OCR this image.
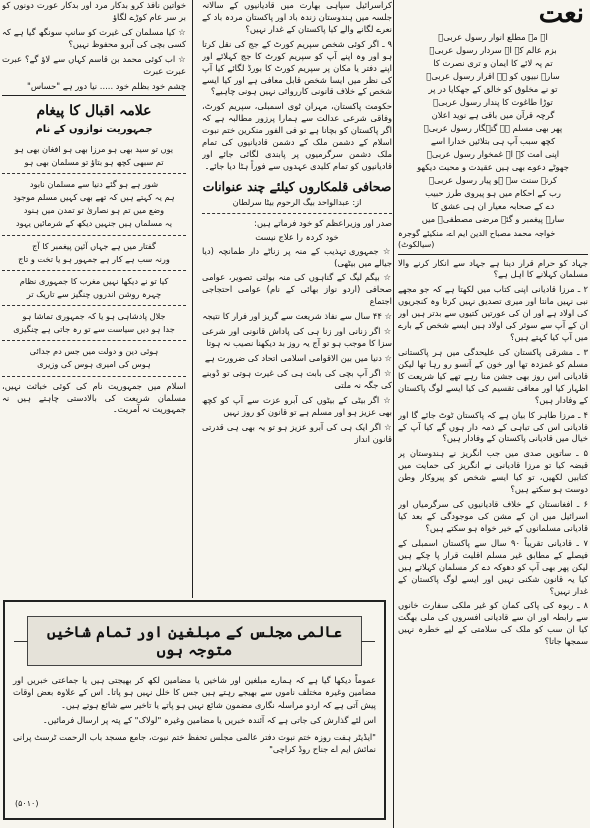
نعت
اے مہ مطلع انوار رسول عربیؐ
بزم عالم کے اے سردار رسول عربیؐ
تم پہ لائے کا ایمان و تری نصرت کا
سارے نبیوں کو ہے اقرار رسول عربیؐ
تو نے مخلوق کو خالق کے جھکایا در پر
توڑا طاغوت کا پندار رسول عربیؐ
گرچہ قرآن میں باقی ہے نوید اعلان
پھر بھی مسلم ہے گنہگار رسول عربیؐ
کچھ سبب آپ ہی بتلائیں خدارا اسے
اپنی امت کے اے غمخوار رسول عربیؐ
جھوٹے دعوے بھی ہیں عقیدت و محبت دیکھو
کرنہ سنت سے ہو پیار رسول عربیؐ
رب کے احکام میں ہو پیروی طرز حبیب
دے کے صحابہ معیار ان ہی عشق کا
سارے پیغمبر و گئے مرضی مصطفیؐ میں
خواجہ محمد مصباح الدین ایم اے، منکیئے گوجرہ (سیالکوٹ)

جہاد کو حرام قرار دینا ہے جہاد سے انکار کرنے والا مسلمان کہلانے کا اہل ہے؟

۲ ـ مرزا قادیانی اپنی کتاب میں لکھتا ہے کہ جو مجھے نبی نہیں مانتا اور میری تصدیق نہیں کرتا وہ کنجریوں کی اولاد ہے اور ان کی عورتیں کتیوں سے بدتر ہیں اور ان کے آپ سے سوئر کی اولاد ہیں ایسے شخص کے بارے میں آپ کیا کہتے ہیں؟

۳ ـ مشرقی پاکستان کی علیحدگی میں ہر پاکستانی مسلم کو غمزدہ تھا اور خون کے آنسو رو رہا تھا لیکن قادیانی اس روز بھی جشن منا رہے تھے کیا شریعت کا اظہار کیا اور معافی تقسیم کی کیا ایسے لوگ پاکستان کے وفادار ہیں؟

۴ ـ مرزا طاہر کا بیان ہے کہ پاکستان ٹوٹ جائے گا اور قادیانی اس کی تباہی کے ذمہ دار ہوں گے کیا آپ کے خیال میں قادیانی پاکستان کے وفادار ہیں؟

۵ ـ ساتویں صدی میں جب انگریز نے ہندوستان پر قبضہ کیا تو مرزا قادیانی نے انگریز کی حمایت میں کتابیں لکھیں، تو کیا ایسے شخص کو پیروکار وطن دوست ہو سکتے ہیں؟

۶ ـ افغانستان کے خلاف قادیانیوں کی سرگرمیاں اور اسرائیل میں ان کے مشن کی موجودگی کے بعد کیا قادیانی مسلمانوں کے خیر خواہ ہو سکتے ہیں؟

۷ ـ قادیانی تقریباً ۹۰ سال سے پاکستان اسمبلی کے فیصلے کے مطابق غیر مسلم اقلیت قرار پا چکے ہیں لیکن پھر بھی آپ کو دھوکہ دے کر مسلمان کہلاتے ہیں کیا یہ قانون شکنی نہیں اور ایسے لوگ پاکستان کے غدار نہیں؟

۸ ـ ربوہ کی پاکی کمان کو غیر ملکی سفارت خانوں سے رابطہ اور ان سے قادیانی افسروں کی ملی بھگت کیا ان سب کو ملک کی سلامتی کے لیے خطرہ نہیں سمجھا جاتا؟

کراسرائیل سپاہی بھارت میں قادیانیوں کے سالانہ جلسہ میں ہندوستان زندہ باد اور پاکستان مردہ باد کے نعرے لگانے والے کیا پاکستان کے غدار نہیں؟

۹ ـ اگر کوئی شخص سپریم کورٹ کے جج کی نقل کرتا ہو اور وہ اپنے آپ کو سپریم کورٹ کا جج کہلائے اور اپنے دفتر یا مکان پر سپریم کورٹ کا بورڈ لگائے کیا آپ کی نظر میں ایسا شخص قابل معافی ہے اور کیا ایسے شخص کے خلاف قانونی کارروائی نہیں ہونی چاہیے؟

حکومت پاکستان، مہران ٹوی اسمبلی، سپریم کورٹ، وفاقی شرعی عدالت سے ہمارا پرزور مطالبہ ہے کہ اگر پاکستان کو بچانا ہے تو فی الفور منکرین ختم نبوت اسلام کے دشمن ملک کے دشمن قادیانیوں کی تمام ملک دشمن سرگرمیوں پر پابندی لگائی جائے اور قادیانیوں کو تمام کلیدی عہدوں سے فوراً ہٹا دیا جائے۔

صحافی قلمکاروں کیلئے چند عنوانات
از: عبدالواحد بیگ الرحوم بیٹا سرلطان

صدر اور وزیراعظم کو خود فرماتے ہیں:

خود کردہ را علاج نیست

☆ جمہوری تہذیب کے منہ پر زناٹے دار طمانچہ (دیا جیالے میں بیٹھی)

☆ بیگم لیگ کے گناہوں کی منہ بولتی تصویر، عوامی صحافی (اردو نواز بھائی کے نام) عوامی احتجاجی اجتماع

☆ ۴۴ سال سے نفاذ شریعت سے گریز اور فرار کا نتیجہ

☆ اگر زنانی اور زنا ہی کی پاداش قانونی اور شرعی سزا کا موجب ہو تو آج یہ روز بد دیکھنا نصیب نہ ہوتا

☆ دنیا میں بین الاقوامی اسلامی اتحاد کی ضرورت ہے

☆ اگر آپ بچی کی بابت ہی کی غیرت ہوتی تو ڈوبنے کی جگہ نہ ملتی

☆ اگر بیٹی کے بیٹوں کی آبرو عزت سے آپ کو کچھ بھی عزیز ہو اور مسلم ہے تو قانون کو روز نہیں

☆ اگر ایک ہی کی آبرو عزیز ہو تو یہ بھی ہی قدرتی قانون انداز

خواتین نافذ کرو بدکار مرد اور بدکار عورت دونوں کو بر سر عام کوڑے لگاؤ

☆ کیا مسلمان کی غیرت کو سانپ سونگھ گیا ہے کہ کسی بچی کی آبرو محفوظ نہیں؟

☆ اب کوئی محمد بن قاسم کہاں سے لاؤ گے؟ عبرت عبرت عبرت

چشم خود بظلم خود ..... نیا دور ہے "حساس"

علامہ اقبال کا پیغام
جمہوریت نوازوں کے نام
یوں تو سید بھی ہو مرزا بھی ہو افغان بھی ہو
تم سبھی کچھ ہو بتاؤ تو مسلمان بھی ہو
شور ہے ہو گئے دنیا سے مسلمان نابود
ہم یہ کہتے ہیں کہ تھے بھی کہیں مسلم موجود
وضع میں تم ہو نصاریٰ تو تمدن میں ہنود
یہ مسلماں ہیں جنہیں دیکھ کے شرمائیں یہود
گفتار میں ہے جہاں آئین پیغمبر کا آج
ورنہ سب ہے کار ہے جمہور ہو یا تخت و تاج
کیا تو نے دیکھا نہیں مغرب کا جمہوری نظام
چہرہ روشن اندروں چنگیز سے تاریک تر
جلال پادشاہی ہو یا کہ جمہوری تماشا ہو
جدا ہو دیں سیاست سے تو رہ جاتی ہے چنگیزی
ہوئی دین و دولت میں جس دم جدائی
ہوس کی امیری ہوس کی وزیری

اسلام میں جمہوریت نام کی کوئی خباثت نہیں، مسلمان شریعت کی بالادستی چاہتے ہیں نہ جمہوریت نہ آمریت۔

عالمی مجلس کے مبلغین اور تمام شاخیں متوجہ ہوں

عموماً دیکھا گیا ہے کہ ہمارے مبلغین اور شاخیں یا مضامین لکھ کر بھیجتی ہیں یا جماعتی خبریں اور مضامین وغیرہ مختلف ناموں سے بھیجے رہتے ہیں جس کا خلل نہیں ہو پاتا۔ اس کے علاوہ بعض اوقات پیش آتی ہے کہ اردو مراسلہ نگاری مضمون شائع نہیں ہو پاتے یا تاخیر سے شائع ہوتے ہیں۔

اس لئے گذارش کی جاتی ہے کہ آئندہ خبریں یا مضامین وغیرہ "لولاک" کے پتہ پر ارسال فرمائیں۔

"ایڈیٹر ہفت روزہ ختم نبوت دفتر عالمی مجلس تحفظ ختم نبوت، جامع مسجد باب الرحمت ٹرسٹ پرانی نمائش ایم اے جناح روڈ کراچی"
(۵۰۱۰)
